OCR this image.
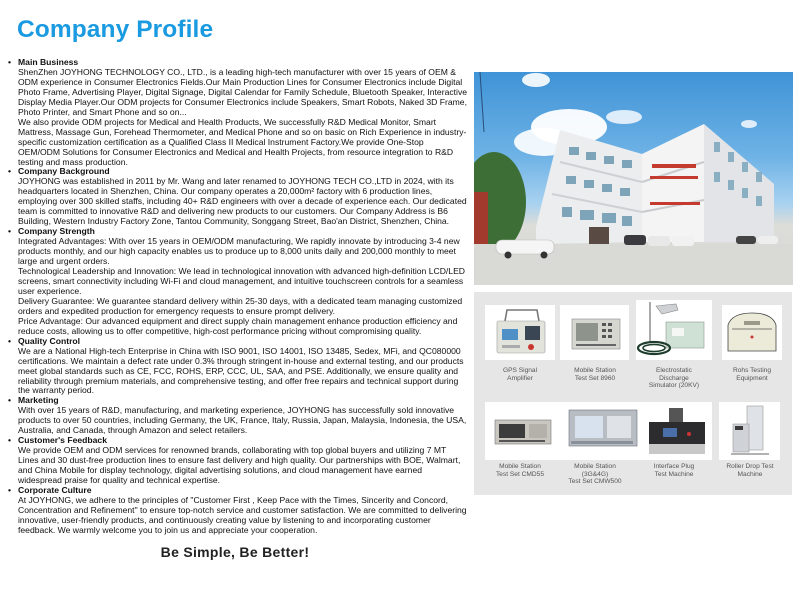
Company Profile
• Main Business

ShenZhen JOYHONG TECHNOLOGY CO., LTD., is a leading high-tech manufacturer with over 15 years of OEM & ODM experience in Consumer Electronics Fields.Our Main Production Lines for Consumer Electronics include Digital Photo Frame, Advertising Player, Digital Signage, Digital Calendar for Family Schedule, Bluetooth Speaker, Interactive Display Media Player.Our ODM projects for Consumer Electronics include Speakers, Smart Robots, Naked 3D Frame, Photo Printer, and Smart Phone and so on...

We also provide ODM projects for Medical and Health Products, We successfully R&D Medical Monitor, Smart Mattress, Massage Gun, Forehead Thermometer, and Medical Phone and so on basic on Rich Experience in industry-specific customization certification as a Qualified Class II Medical Instrument Factory.We provide One-Stop OEM/ODM Solutions for Consumer Electronics and Medical and Health Projects, from resource integration to R&D testing and mass production.

• Company Background

JOYHONG was established in 2011 by Mr. Wang and later renamed to JOYHONG TECH CO.,LTD in 2024, with its headquarters located in Shenzhen, China. Our company operates a 20,000m² factory with 6 production lines, employing over 300 skilled staffs, including 40+ R&D engineers with over a decade of experience each. Our dedicated team is committed to innovative R&D and delivering new products to our customers. Our Company Address is B6 Building, Western Industry Factory Zone, Tantou Community, Songgang Street, Bao'an District, Shenzhen, China.

• Company Strength

Integrated Advantages: With over 15 years in OEM/ODM manufacturing, We rapidly innovate by introducing 3-4 new products monthly, and our high capacity enables us to produce up to 8,000 units daily and 200,000 monthly to meet large and urgent orders.

Technological Leadership and Innovation: We lead in technological innovation with advanced high-definition LCD/LED screens, smart connectivity including Wi-Fi and cloud management, and intuitive touchscreen controls for a seamless user experience.

Delivery Guarantee: We guarantee standard delivery within 25-30 days, with a dedicated team managing customized orders and expedited production for emergency requests to ensure prompt delivery.

Price Advantage: Our advanced equipment and direct supply chain management enhance production efficiency and reduce costs, allowing us to offer competitive, high-cost performance pricing without compromising quality.

• Quality Control

We are a National High-tech Enterprise in China with ISO 9001, ISO 14001, ISO 13485, Sedex, MFi, and QC080000 certifications. We maintain a defect rate under 0.3% through stringent in-house and external testing, and our products meet global standards such as CE, FCC, ROHS, ERP, CCC, UL, SAA, and PSE. Additionally, we ensure quality and reliability through premium materials, and comprehensive testing, and offer free repairs and technical support during the warranty period.

• Marketing

With over 15 years of R&D, manufacturing, and marketing experience, JOYHONG has successfully sold innovative products to over 50 countries, including Germany, the UK, France, Italy, Russia, Japan, Malaysia, Indonesia, the USA, Australia, and Canada, through Amazon and select retailers.

• Customer's Feedback

We provide OEM and ODM services for renowned brands, collaborating with top global buyers and utilizing 7 MT Lines and 30 dust-free production lines to ensure fast delivery and high quality. Our partnerships with BOE, Walmart, and China Mobile for display technology, digital advertising solutions, and cloud management have earned widespread praise for quality and technical expertise.

• Corporate Culture

At JOYHONG, we adhere to the principles of "Customer First , Keep Pace with the Times, Sincerity and Concord, Concentration and Refinement" to ensure top-notch service and customer satisfaction. We are committed to delivering innovative, user-friendly products, and continuously creating value by listening to and incorporating customer feedback. We warmly welcome you to join us and appreciate your cooperation.

Be Simple, Be Better!
GPS Signal
Amplifier
Mobile Station
Test Set 8960
Electrostatic
Discharge
Simulator (20KV)
Rohs Testing
Equipment
Mobile Station
Test Set CMD55
Mobile Station
(3G&4G)
Test Set CMW500
Interface Plug
Test Machine
Roller Drop Test
Machine
